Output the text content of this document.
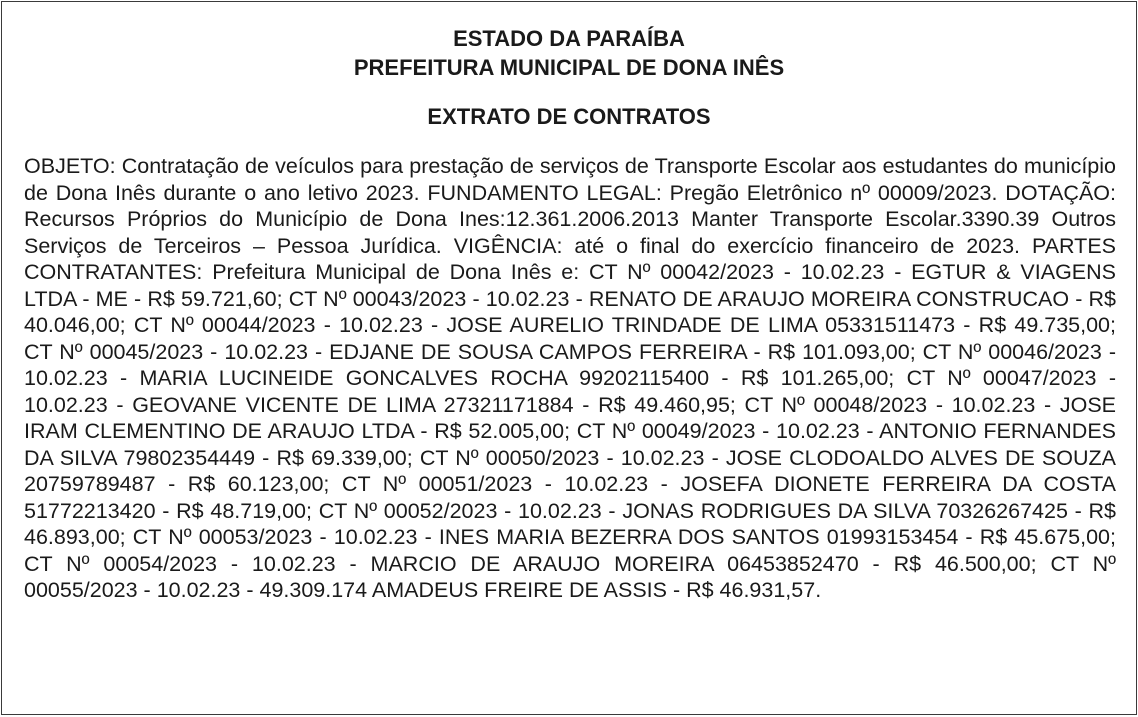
ESTADO DA PARAÍBA
PREFEITURA MUNICIPAL DE DONA INÊS
EXTRATO DE CONTRATOS
OBJETO: Contratação de veículos para prestação de serviços de Transporte Escolar aos estudantes do município de Dona Inês durante o ano letivo 2023. FUNDAMENTO LEGAL: Pregão Eletrônico nº 00009/2023. DOTAÇÃO: Recursos Próprios do Município de Dona Ines:12.361.2006.2013 Manter Transporte Escolar.3390.39 Outros Serviços de Terceiros – Pessoa Jurídica. VIGÊNCIA: até o final do exercício financeiro de 2023. PARTES CONTRATANTES: Prefeitura Municipal de Dona Inês e: CT Nº 00042/2023 - 10.02.23 - EGTUR & VIAGENS LTDA - ME - R$ 59.721,60; CT Nº 00043/2023 - 10.02.23 - RENATO DE ARAUJO MOREIRA CONSTRUCAO - R$ 40.046,00; CT Nº 00044/2023 - 10.02.23 - JOSE AURELIO TRINDADE DE LIMA 05331511473 - R$ 49.735,00; CT Nº 00045/2023 - 10.02.23 - EDJANE DE SOUSA CAMPOS FERREIRA - R$ 101.093,00; CT Nº 00046/2023 - 10.02.23 - MARIA LUCINEIDE GONCALVES ROCHA 99202115400 - R$ 101.265,00; CT Nº 00047/2023 - 10.02.23 - GEOVANE VICENTE DE LIMA 27321171884 - R$ 49.460,95; CT Nº 00048/2023 - 10.02.23 - JOSE IRAM CLEMENTINO DE ARAUJO LTDA - R$ 52.005,00; CT Nº 00049/2023 - 10.02.23 - ANTONIO FERNANDES DA SILVA 79802354449 - R$ 69.339,00; CT Nº 00050/2023 - 10.02.23 - JOSE CLODOALDO ALVES DE SOUZA 20759789487 - R$ 60.123,00; CT Nº 00051/2023 - 10.02.23 - JOSEFA DIONETE FERREIRA DA COSTA 51772213420 - R$ 48.719,00; CT Nº 00052/2023 - 10.02.23 - JONAS RODRIGUES DA SILVA 70326267425 - R$ 46.893,00; CT Nº 00053/2023 - 10.02.23 - INES MARIA BEZERRA DOS SANTOS 01993153454 - R$ 45.675,00; CT Nº 00054/2023 - 10.02.23 - MARCIO DE ARAUJO MOREIRA 06453852470 - R$ 46.500,00; CT Nº 00055/2023 - 10.02.23 - 49.309.174 AMADEUS FREIRE DE ASSIS - R$ 46.931,57.
